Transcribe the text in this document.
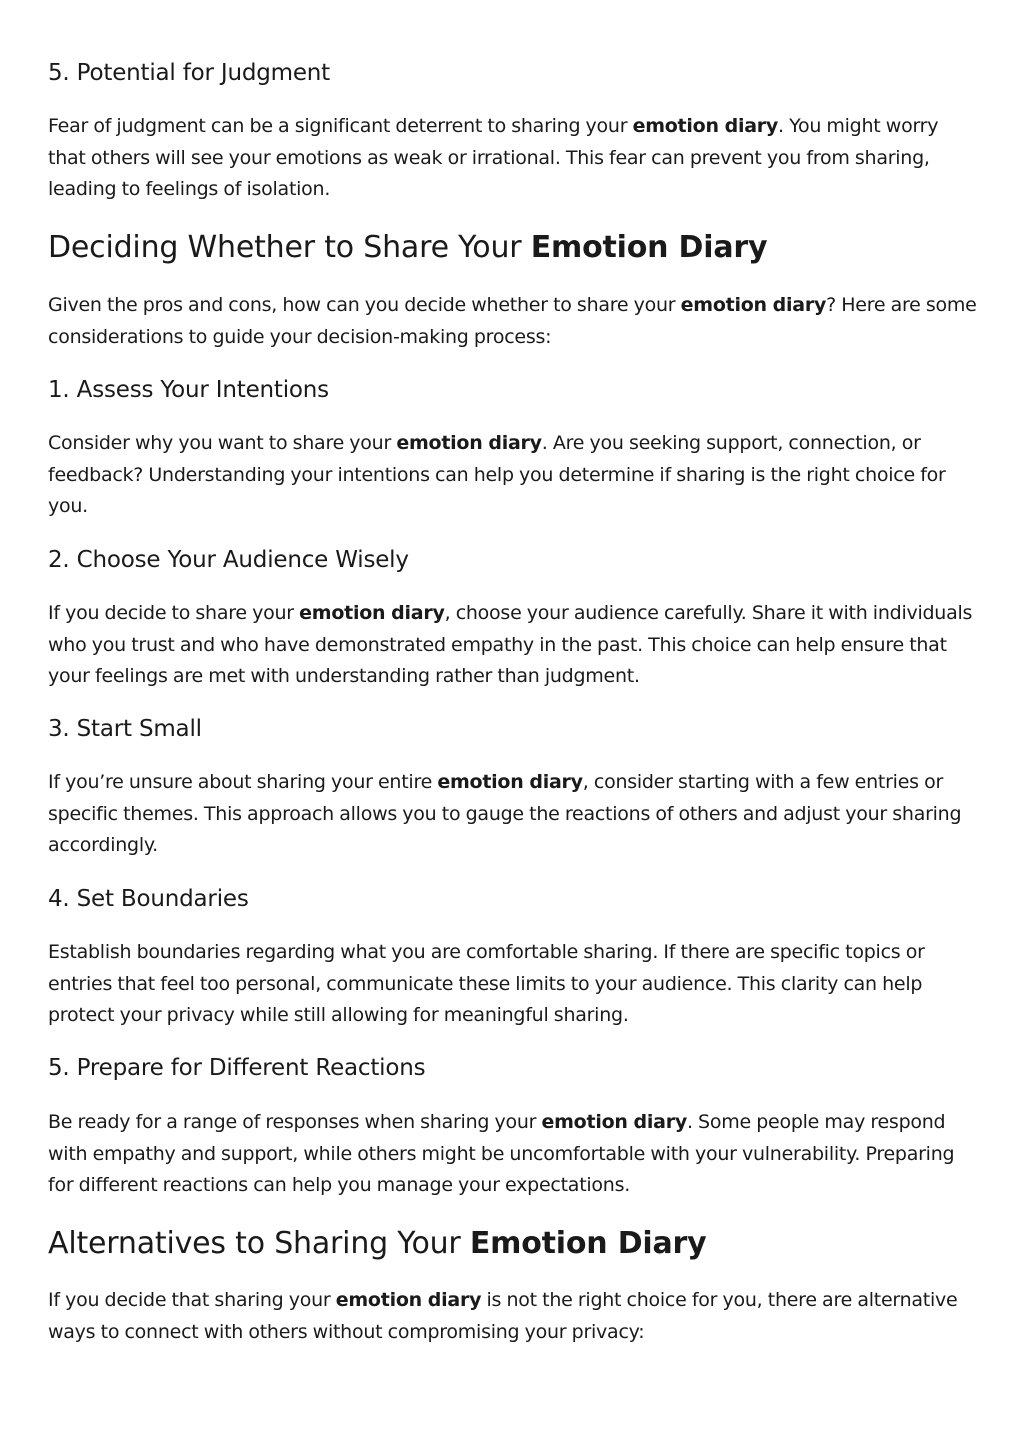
5. Potential for Judgment

Fear of judgment can be a significant deterrent to sharing your emotion diary. You might worry that others will see your emotions as weak or irrational. This fear can prevent you from sharing, leading to feelings of isolation.

Deciding Whether to Share Your Emotion Diary

Given the pros and cons, how can you decide whether to share your emotion diary? Here are some considerations to guide your decision-making process:

1. Assess Your Intentions

Consider why you want to share your emotion diary. Are you seeking support, connection, or feedback? Understanding your intentions can help you determine if sharing is the right choice for you.

2. Choose Your Audience Wisely

If you decide to share your emotion diary, choose your audience carefully. Share it with individuals who you trust and who have demonstrated empathy in the past. This choice can help ensure that your feelings are met with understanding rather than judgment.

3. Start Small

If you’re unsure about sharing your entire emotion diary, consider starting with a few entries or specific themes. This approach allows you to gauge the reactions of others and adjust your sharing accordingly.

4. Set Boundaries

Establish boundaries regarding what you are comfortable sharing. If there are specific topics or entries that feel too personal, communicate these limits to your audience. This clarity can help protect your privacy while still allowing for meaningful sharing.

5. Prepare for Different Reactions

Be ready for a range of responses when sharing your emotion diary. Some people may respond with empathy and support, while others might be uncomfortable with your vulnerability. Preparing for different reactions can help you manage your expectations.

Alternatives to Sharing Your Emotion Diary

If you decide that sharing your emotion diary is not the right choice for you, there are alternative ways to connect with others without compromising your privacy:
